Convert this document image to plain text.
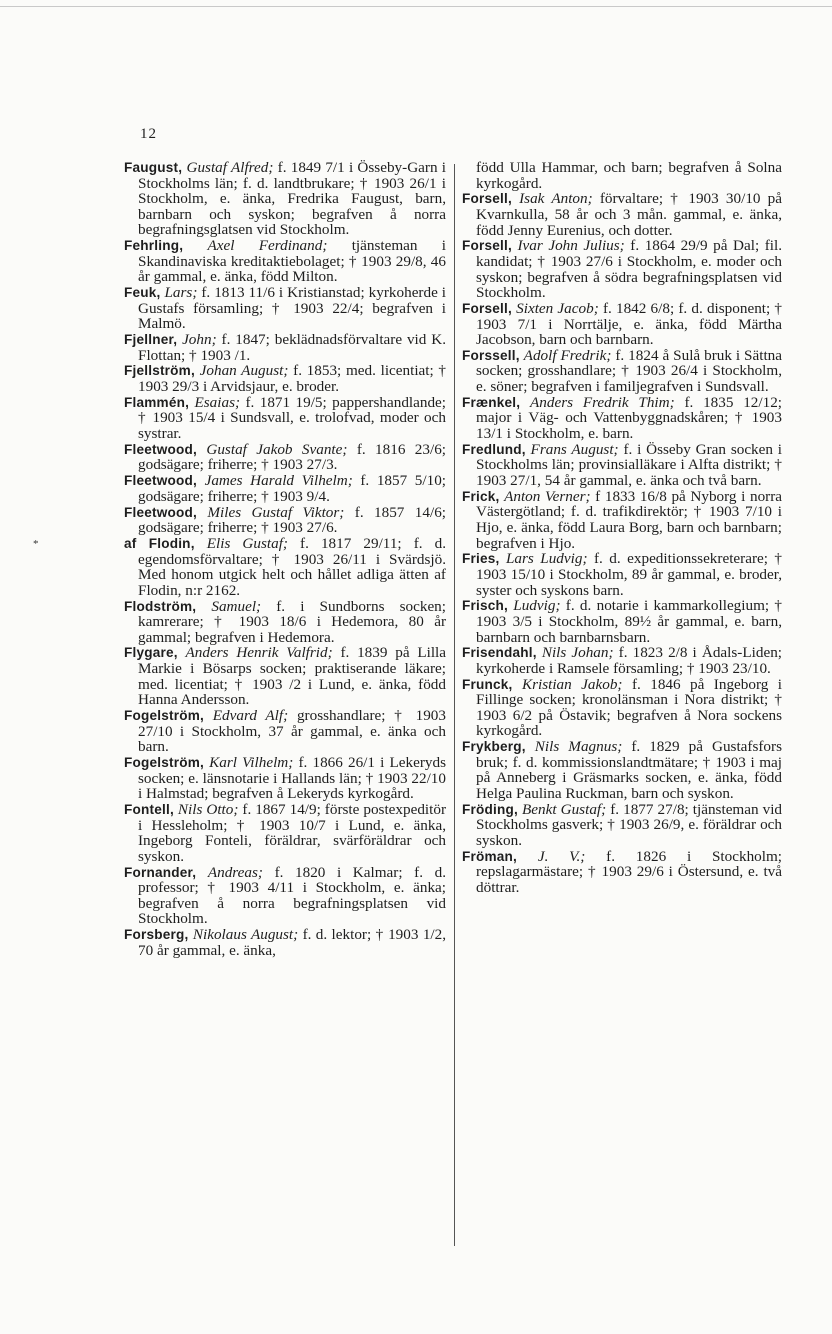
12
*

Faugust, Gustaf Alfred; f. 1849 7/1 i Össeby-Garn i Stockholms län; f. d. landtbrukare; † 1903 26/1 i Stockholm, e. änka, Fredrika Faugust, barn, barnbarn och syskon; begrafven å norra begrafningsglatsen vid Stockholm.

Fehrling, Axel Ferdinand; tjänsteman i Skandinaviska kreditaktiebolaget; † 1903 29/8, 46 år gammal, e. änka, född Milton.

Feuk, Lars; f. 1813 11/6 i Kristianstad; kyrkoherde i Gustafs församling; † 1903 22/4; begrafven i Malmö.

Fjellner, John; f. 1847; beklädnadsförvaltare vid K. Flottan; † 1903 /1.

Fjellström, Johan August; f. 1853; med. licentiat; † 1903 29/3 i Arvidsjaur, e. broder.

Flammén, Esaias; f. 1871 19/5; pappershandlande; † 1903 15/4 i Sundsvall, e. trolofvad, moder och systrar.

Fleetwood, Gustaf Jakob Svante; f. 1816 23/6; godsägare; friherre; † 1903 27/3.

Fleetwood, James Harald Vilhelm; f. 1857 5/10; godsägare; friherre; † 1903 9/4.

Fleetwood, Miles Gustaf Viktor; f. 1857 14/6; godsägare; friherre; † 1903 27/6.

af Flodin, Elis Gustaf; f. 1817 29/11; f. d. egendomsförvaltare; † 1903 26/11 i Svärdsjö. Med honom utgick helt och hållet adliga ätten af Flodin, n:r 2162.

Flodström, Samuel; f. i Sundborns socken; kamrerare; † 1903 18/6 i Hedemora, 80 år gammal; begrafven i Hedemora.

Flygare, Anders Henrik Valfrid; f. 1839 på Lilla Markie i Bösarps socken; praktiserande läkare; med. licentiat; † 1903 /2 i Lund, e. änka, född Hanna Andersson.

Fogelström, Edvard Alf; grosshandlare; † 1903 27/10 i Stockholm, 37 år gammal, e. änka och barn.

Fogelström, Karl Vilhelm; f. 1866 26/1 i Lekeryds socken; e. länsnotarie i Hallands län; † 1903 22/10 i Halmstad; begrafven å Lekeryds kyrkogård.

Fontell, Nils Otto; f. 1867 14/9; förste postexpeditör i Hessleholm; † 1903 10/7 i Lund, e. änka, Ingeborg Fonteli, föräldrar, svärföräldrar och syskon.

Fornander, Andreas; f. 1820 i Kalmar; f. d. professor; † 1903 4/11 i Stockholm, e. änka; begrafven å norra begrafningsplatsen vid Stockholm.

Forsberg, Nikolaus August; f. d. lektor; † 1903 1/2, 70 år gammal, e. änka,

född Ulla Hammar, och barn; begrafven å Solna kyrkogård.

Forsell, Isak Anton; förvaltare; † 1903 30/10 på Kvarnkulla, 58 år och 3 mån. gammal, e. änka, född Jenny Eurenius, och dotter.

Forsell, Ivar John Julius; f. 1864 29/9 på Dal; fil. kandidat; † 1903 27/6 i Stockholm, e. moder och syskon; begrafven å södra begrafningsplatsen vid Stockholm.

Forsell, Sixten Jacob; f. 1842 6/8; f. d. disponent; † 1903 7/1 i Norrtälje, e. änka, född Märtha Jacobson, barn och barnbarn.

Forssell, Adolf Fredrik; f. 1824 å Sulå bruk i Sättna socken; grosshandlare; † 1903 26/4 i Stockholm, e. söner; begrafven i familjegrafven i Sundsvall.

Frænkel, Anders Fredrik Thim; f. 1835 12/12; major i Väg- och Vattenbyggnadskåren; † 1903 13/1 i Stockholm, e. barn.

Fredlund, Frans August; f. i Össeby Gran socken i Stockholms län; provinsialläkare i Alfta distrikt; † 1903 27/1, 54 år gammal, e. änka och två barn.

Frick, Anton Verner; f 1833 16/8 på Nyborg i norra Västergötland; f. d. trafikdirektör; † 1903 7/10 i Hjo, e. änka, född Laura Borg, barn och barnbarn; begrafven i Hjo.

Fries, Lars Ludvig; f. d. expeditionssekreterare; † 1903 15/10 i Stockholm, 89 år gammal, e. broder, syster och syskons barn.

Frisch, Ludvig; f. d. notarie i kammarkollegium; † 1903 3/5 i Stockholm, 89½ år gammal, e. barn, barnbarn och barnbarnsbarn.

Frisendahl, Nils Johan; f. 1823 2/8 i Ådals-Liden; kyrkoherde i Ramsele församling; † 1903 23/10.

Frunck, Kristian Jakob; f. 1846 på Ingeborg i Fillinge socken; kronolänsman i Nora distrikt; † 1903 6/2 på Östavik; begrafven å Nora sockens kyrkogård.

Frykberg, Nils Magnus; f. 1829 på Gustafsfors bruk; f. d. kommissionslandtmätare; † 1903 i maj på Anneberg i Gräsmarks socken, e. änka, född Helga Paulina Ruckman, barn och syskon.

Fröding, Benkt Gustaf; f. 1877 27/8; tjänsteman vid Stockholms gasverk; † 1903 26/9, e. föräldrar och syskon.

Fröman, J. V.; f. 1826 i Stockholm; repslagarmästare; † 1903 29/6 i Östersund, e. två döttrar.
